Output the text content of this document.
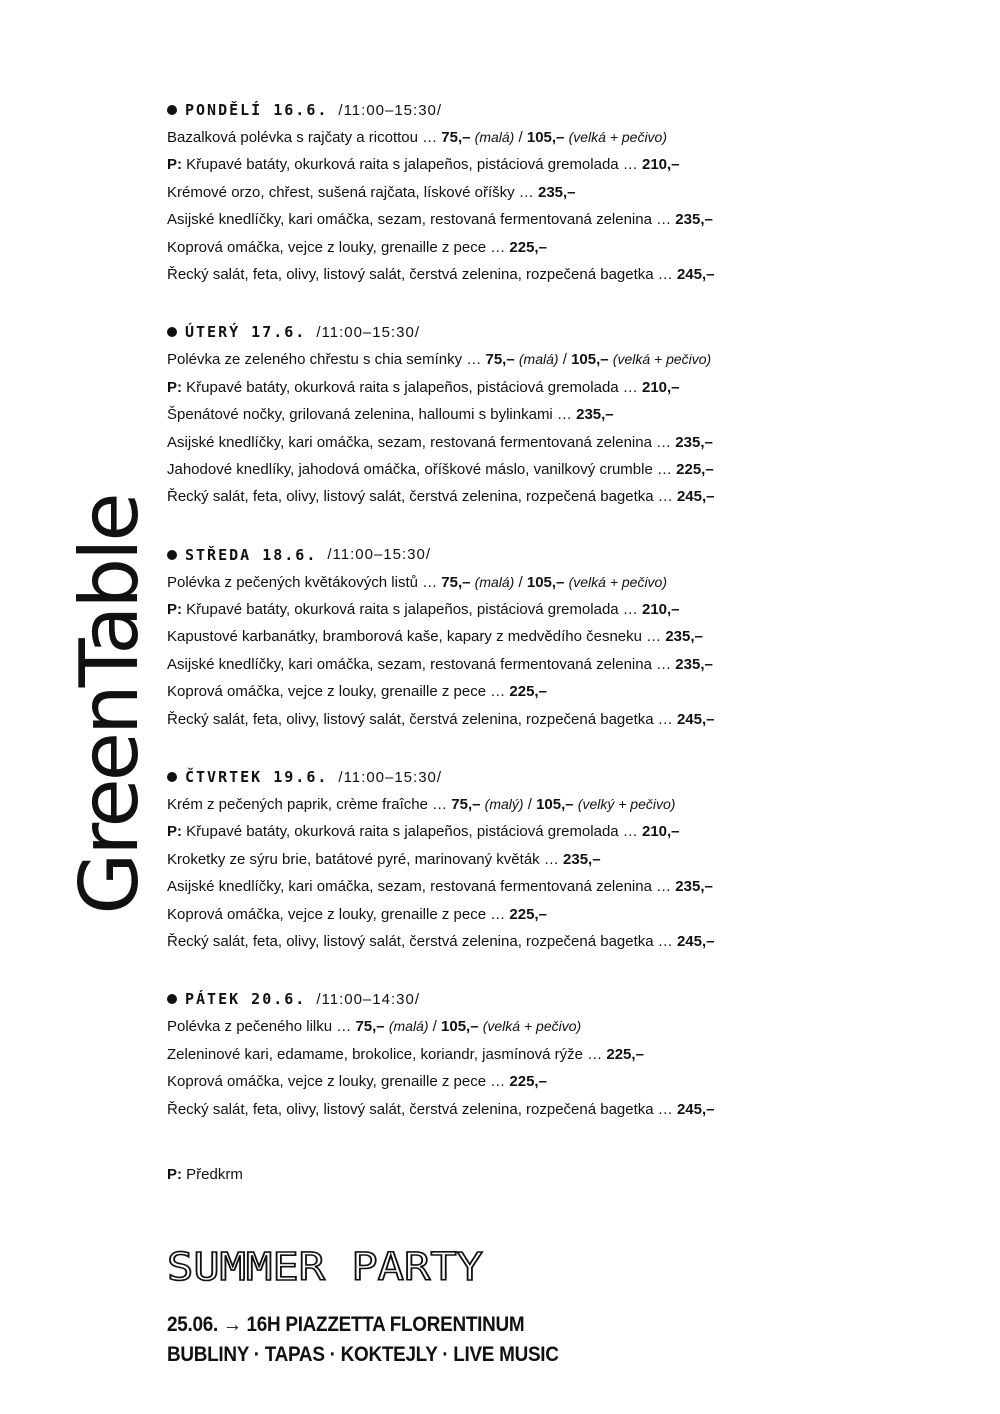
GreenTable
PONDĚLÍ 16.6. /11:00–15:30/
Bazalková polévka s rajčaty a ricottou … 75,– (malá) / 105,– (velká + pečivo)
P: Křupavé batáty, okurková raita s jalapeños, pistáciová gremolada … 210,–
Krémové orzo, chřest, sušená rajčata, lískové oříšky … 235,–
Asijské knedlíčky, kari omáčka, sezam, restovaná fermentovaná zelenina … 235,–
Koprová omáčka, vejce z louky, grenaille z pece … 225,–
Řecký salát, feta, olivy, listový salát, čerstvá zelenina, rozpečená bagetka … 245,–
ÚTERÝ 17.6. /11:00–15:30/
Polévka ze zeleného chřestu s chia semínky … 75,– (malá) / 105,– (velká + pečivo)
P: Křupavé batáty, okurková raita s jalapeños, pistáciová gremolada … 210,–
Špenátové nočky, grilovaná zelenina, halloumi s bylinkami … 235,–
Asijské knedlíčky, kari omáčka, sezam, restovaná fermentovaná zelenina … 235,–
Jahodové knedlíky, jahodová omáčka, oříškové máslo, vanilkový crumble … 225,–
Řecký salát, feta, olivy, listový salát, čerstvá zelenina, rozpečená bagetka … 245,–
STŘEDA 18.6. /11:00–15:30/
Polévka z pečených květákových listů … 75,– (malá) / 105,– (velká + pečivo)
P: Křupavé batáty, okurková raita s jalapeños, pistáciová gremolada … 210,–
Kapustové karbanátky, bramborová kaše, kapary z medvědího česneku … 235,–
Asijské knedlíčky, kari omáčka, sezam, restovaná fermentovaná zelenina … 235,–
Koprová omáčka, vejce z louky, grenaille z pece … 225,–
Řecký salát, feta, olivy, listový salát, čerstvá zelenina, rozpečená bagetka … 245,–
ČTVRTEK 19.6. /11:00–15:30/
Krém z pečených paprik, crème fraîche … 75,– (malý) / 105,– (velký + pečivo)
P: Křupavé batáty, okurková raita s jalapeños, pistáciová gremolada … 210,–
Kroketky ze sýru brie, batátové pyré, marinovaný květák … 235,–
Asijské knedlíčky, kari omáčka, sezam, restovaná fermentovaná zelenina … 235,–
Koprová omáčka, vejce z louky, grenaille z pece … 225,–
Řecký salát, feta, olivy, listový salát, čerstvá zelenina, rozpečená bagetka … 245,–
PÁTEK 20.6. /11:00–14:30/
Polévka z pečeného lilku … 75,– (malá) / 105,– (velká + pečivo)
Zeleninové kari, edamame, brokolice, koriandr, jasmínová rýže … 225,–
Koprová omáčka, vejce z louky, grenaille z pece … 225,–
Řecký salát, feta, olivy, listový salát, čerstvá zelenina, rozpečená bagetka … 245,–
P: Předkrm
SUMMER PARTY
25.06. → 16H PIAZZETTA FLORENTINUM
BUBLINY · TAPAS · KOKTEJLY · LIVE MUSIC
